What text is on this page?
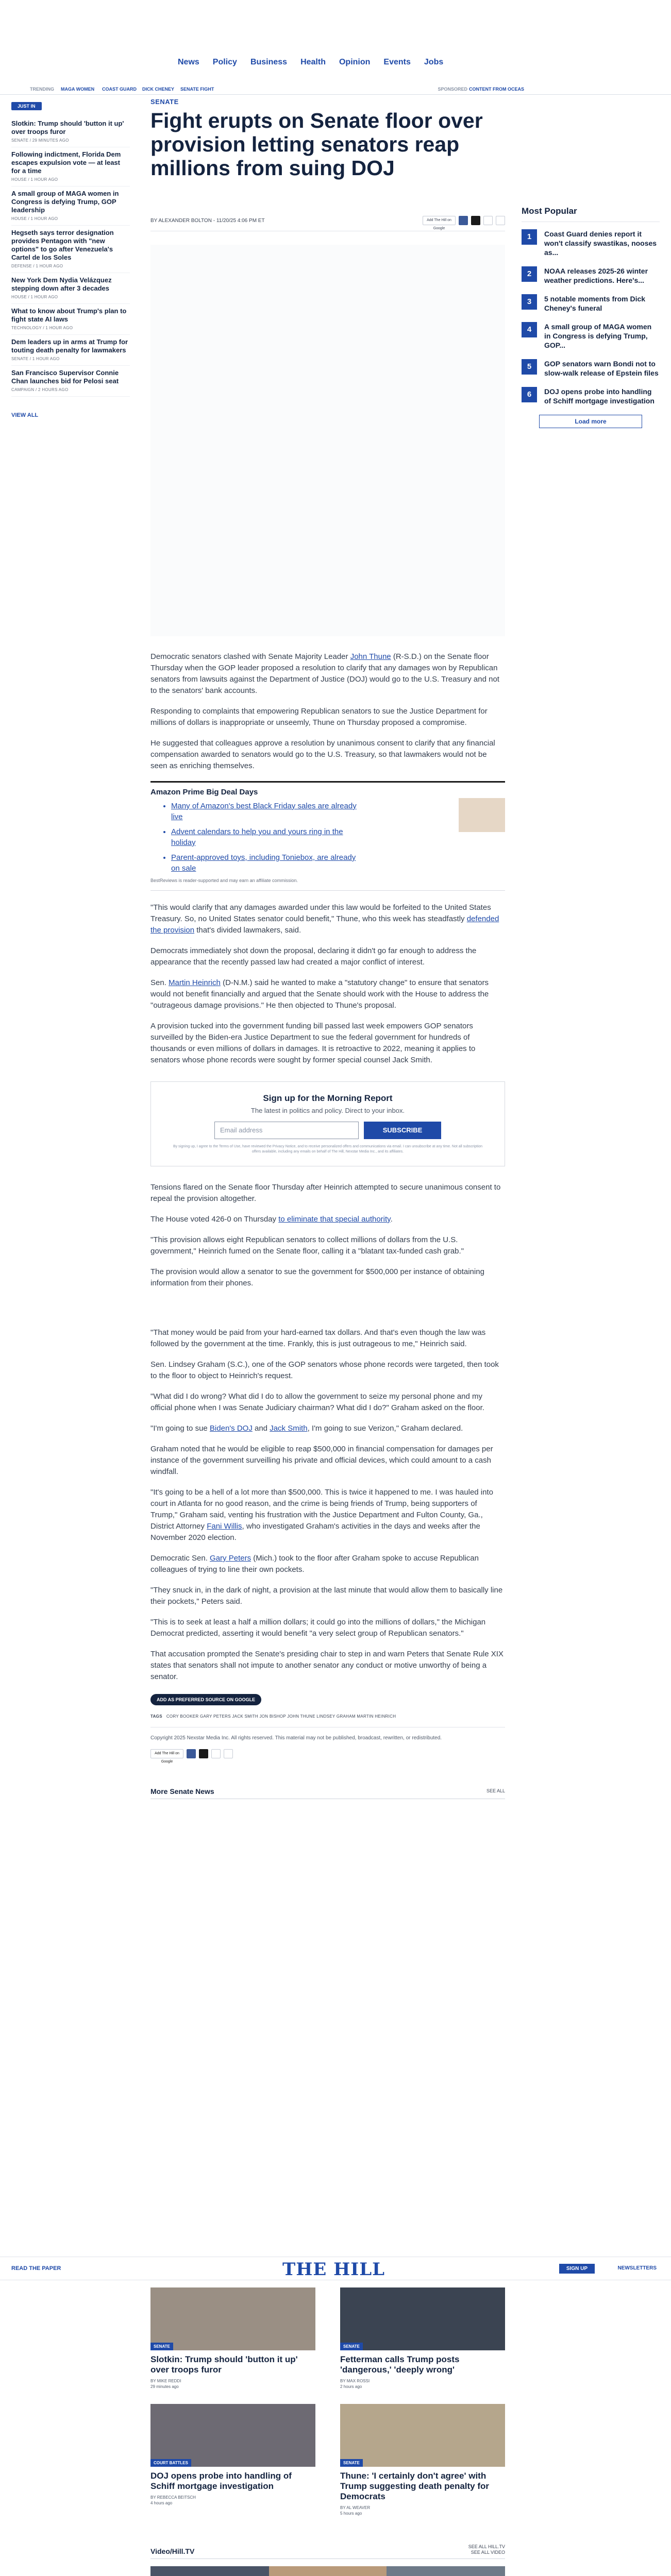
News Policy Business Health Opinion Events Jobs
TRENDING MAGA WOMEN COAST GUARD DICK CHENEY SENATE FIGHT	SPONSORED CONTENT FROM OCEAS
JUST IN
Slotkin: Trump should 'button it up' over troops furor
SENATE / 29 MINUTES AGO
Following indictment, Florida Dem escapes expulsion vote — at least for a time
HOUSE / 1 HOUR AGO
A small group of MAGA women in Congress is defying Trump, GOP leadership
HOUSE / 1 HOUR AGO
Hegseth says terror designation provides Pentagon with "new options" to go after Venezuela's Cartel de los Soles
DEFENSE / 1 HOUR AGO
New York Dem Nydia Velázquez stepping down after 3 decades
HOUSE / 1 HOUR AGO
What to know about Trump's plan to fight state AI laws
TECHNOLOGY / 1 HOUR AGO
Dem leaders up in arms at Trump for touting death penalty for lawmakers
SENATE / 1 HOUR AGO
San Francisco Supervisor Connie Chan launches bid for Pelosi seat
CAMPAIGN / 2 HOURS AGO
VIEW ALL
SENATE
Fight erupts on Senate floor over provision letting senators reap millions from suing DOJ
BY ALEXANDER BOLTON - 11/20/25 4:06 PM ET	Add The Hill on Google

Democratic senators clashed with Senate Majority Leader John Thune (R-S.D.) on the Senate floor Thursday when the GOP leader proposed a resolution to clarify that any damages won by Republican senators from lawsuits against the Department of Justice (DOJ) would go to the U.S. Treasury and not to the senators' bank accounts.

Responding to complaints that empowering Republican senators to sue the Justice Department for millions of dollars is inappropriate or unseemly, Thune on Thursday proposed a compromise.

He suggested that colleagues approve a resolution by unanimous consent to clarify that any financial compensation awarded to senators would go to the U.S. Treasury, so that lawmakers would not be seen as enriching themselves.

Amazon Prime Big Deal Days
• Many of Amazon's best Black Friday sales are already live
• Advent calendars to help you and yours ring in the holiday
• Parent-approved toys, including Toniebox, are already on sale
BestReviews is reader-supported and may earn an affiliate commission.

"This would clarify that any damages awarded under this law would be forfeited to the United States Treasury. So, no United States senator could benefit," Thune, who this week has steadfastly defended the provision that's divided lawmakers, said.

Democrats immediately shot down the proposal, declaring it didn't go far enough to address the appearance that the recently passed law had created a major conflict of interest.

Sen. Martin Heinrich (D-N.M.) said he wanted to make a "statutory change" to ensure that senators would not benefit financially and argued that the Senate should work with the House to address the "outrageous damage provisions." He then objected to Thune's proposal.

A provision tucked into the government funding bill passed last week empowers GOP senators surveilled by the Biden-era Justice Department to sue the federal government for hundreds of thousands or even millions of dollars in damages. It is retroactive to 2022, meaning it applies to senators whose phone records were sought by former special counsel Jack Smith.

Sign up for the Morning Report
The latest in politics and policy. Direct to your inbox.
Email address	SUBSCRIBE
By signing up, I agree to the Terms of Use, have reviewed the Privacy Notice, and to receive personalized offers and communications via email. I can unsubscribe at any time. Not all subscription offers available, including any emails on behalf of The Hill, Nexstar Media Inc., and its affiliates.

Tensions flared on the Senate floor Thursday after Heinrich attempted to secure unanimous consent to repeal the provision altogether.

The House voted 426-0 on Thursday to eliminate that special authority.

"This provision allows eight Republican senators to collect millions of dollars from the U.S. government," Heinrich fumed on the Senate floor, calling it a "blatant tax-funded cash grab."

The provision would allow a senator to sue the government for $500,000 per instance of obtaining information from their phones.

"That money would be paid from your hard-earned tax dollars. And that's even though the law was followed by the government at the time. Frankly, this is just outrageous to me," Heinrich said.

Sen. Lindsey Graham (S.C.), one of the GOP senators whose phone records were targeted, then took to the floor to object to Heinrich's request.

"What did I do wrong? What did I do to allow the government to seize my personal phone and my official phone when I was Senate Judiciary chairman? What did I do?" Graham asked on the floor.

"I'm going to sue Biden's DOJ and Jack Smith, I'm going to sue Verizon," Graham declared.

Graham noted that he would be eligible to reap $500,000 in financial compensation for damages per instance of the government surveilling his private and official devices, which could amount to a cash windfall.

"It's going to be a hell of a lot more than $500,000. This is twice it happened to me. I was hauled into court in Atlanta for no good reason, and the crime is being friends of Trump, being supporters of Trump," Graham said, venting his frustration with the Justice Department and Fulton County, Ga., District Attorney Fani Willis, who investigated Graham's activities in the days and weeks after the November 2020 election.

Democratic Sen. Gary Peters (Mich.) took to the floor after Graham spoke to accuse Republican colleagues of trying to line their own pockets.

"They snuck in, in the dark of night, a provision at the last minute that would allow them to basically line their pockets," Peters said.

"This is to seek at least a half a million dollars; it could go into the millions of dollars," the Michigan Democrat predicted, asserting it would benefit "a very select group of Republican senators."

That accusation prompted the Senate's presiding chair to step in and warn Peters that Senate Rule XIX states that senators shall not impute to another senator any conduct or motive unworthy of being a senator.

ADD AS PREFERRED SOURCE ON GOOGLE
TAGS CORY BOOKER GARY PETERS JACK SMITH JON BISHOP JOHN THUNE LINDSEY GRAHAM MARTIN HEINRICH
Copyright 2025 Nexstar Media Inc. All rights reserved. This material may not be published, broadcast, rewritten, or redistributed.
Add The Hill on Google
More Senate News	SEE ALL
Most Popular
1	Coast Guard denies report it won't classify swastikas, nooses as...
2	NOAA releases 2025-26 winter weather predictions. Here's...
3	5 notable moments from Dick Cheney's funeral
4	A small group of MAGA women in Congress is defying Trump, GOP...
5	GOP senators warn Bondi not to slow-walk release of Epstein files
6	DOJ opens probe into handling of Schiff mortgage investigation
Load more
READ THE PAPER	THE HILL	SIGN UP	NEWSLETTERS
SENATE
Slotkin: Trump should 'button it up' over troops furor
BY MIKE REDDI
29 minutes ago
SENATE
Fetterman calls Trump posts 'dangerous,' 'deeply wrong'
BY MAX ROSSI
2 hours ago
COURT BATTLES
DOJ opens probe into handling of Schiff mortgage investigation
BY REBECCA BEITSCH
4 hours ago
SENATE
Thune: 'I certainly don't agree' with Trump suggesting death penalty for Democrats
BY AL WEAVER
5 hours ago
Video/Hill.TV
SEE ALL HILL.TV
SEE ALL VIDEO
